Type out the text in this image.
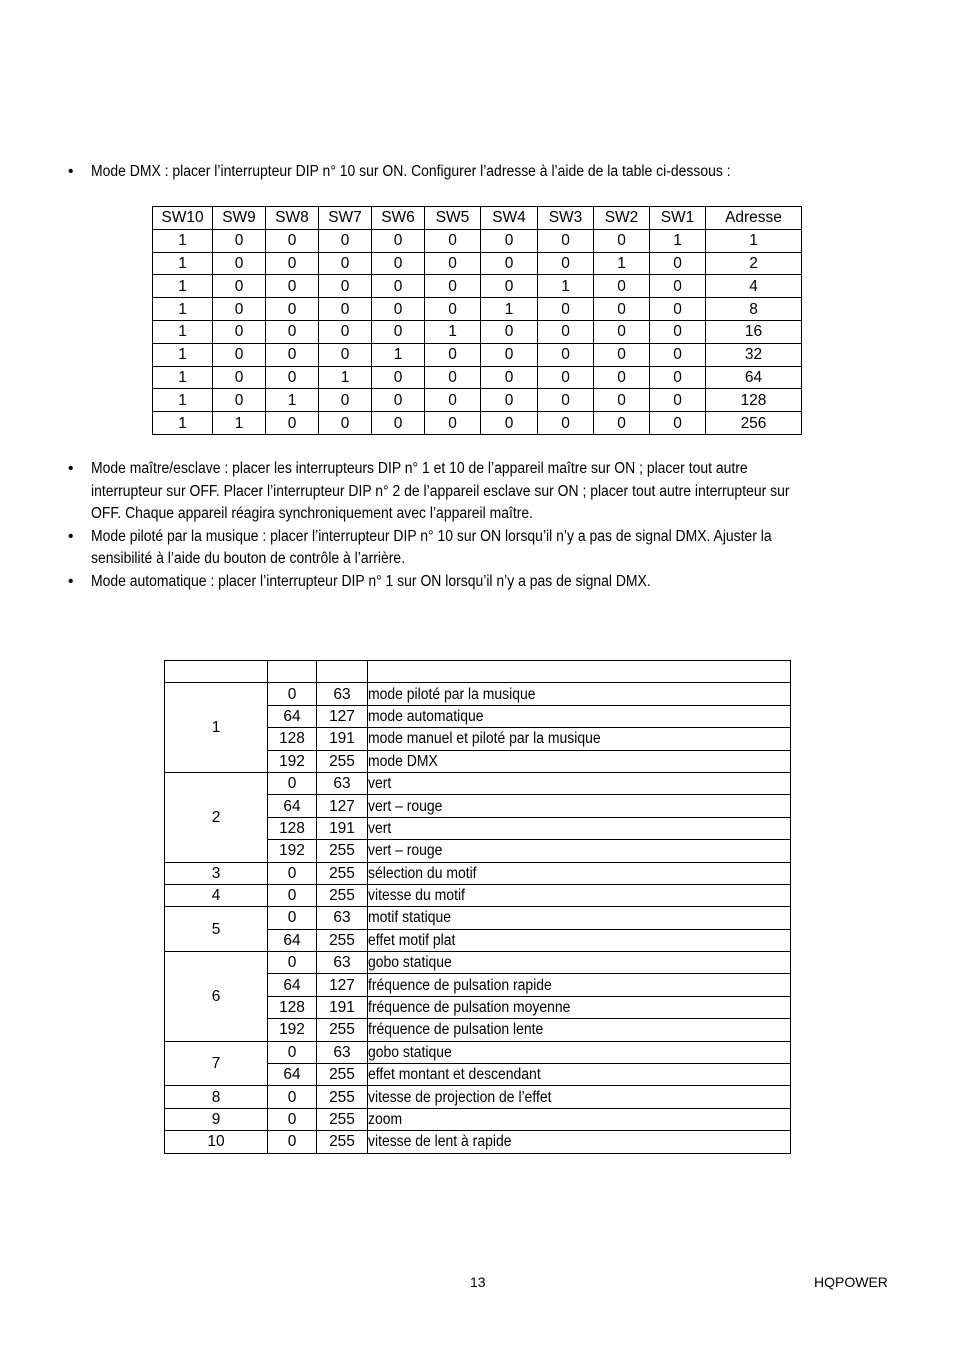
• Mode DMX : placer l’interrupteur DIP n° 10 sur ON. Configurer l’adresse à l’aide de la table ci-dessous :
SW10	SW9	SW8	SW7	SW6	SW5	SW4	SW3	SW2	SW1	Adresse
1	0	0	0	0	0	0	0	0	1	1
1	0	0	0	0	0	0	0	1	0	2
1	0	0	0	0	0	0	1	0	0	4
1	0	0	0	0	0	1	0	0	0	8
1	0	0	0	0	1	0	0	0	0	16
1	0	0	0	1	0	0	0	0	0	32
1	0	0	1	0	0	0	0	0	0	64
1	0	1	0	0	0	0	0	0	0	128
1	1	0	0	0	0	0	0	0	0	256
• Mode maître/esclave : placer les interrupteurs DIP n° 1 et 10 de l’appareil maître sur ON ; placer tout autre
interrupteur sur OFF. Placer l’interrupteur DIP n° 2 de l’appareil esclave sur ON ; placer tout autre interrupteur sur
OFF. Chaque appareil réagira synchroniquement avec l’appareil maître.
• Mode piloté par la musique : placer l’interrupteur DIP n° 10 sur ON lorsqu’il n’y a pas de signal DMX. Ajuster la
sensibilité à l’aide du bouton de contrôle à l’arrière.
• Mode automatique : placer l’interrupteur DIP n° 1 sur ON lorsqu’il n’y a pas de signal DMX.

1	0	63	mode piloté par la musique
	64	127	mode automatique
	128	191	mode manuel et piloté par la musique
	192	255	mode DMX
2	0	63	vert
	64	127	vert – rouge
	128	191	vert
	192	255	vert – rouge
3	0	255	sélection du motif
4	0	255	vitesse du motif
5	0	63	motif statique
	64	255	effet motif plat
6	0	63	gobo statique
	64	127	fréquence de pulsation rapide
	128	191	fréquence de pulsation moyenne
	192	255	fréquence de pulsation lente
7	0	63	gobo statique
	64	255	effet montant et descendant
8	0	255	vitesse de projection de l’effet
9	0	255	zoom
10	0	255	vitesse de lent à rapide
13	HQPOWER
